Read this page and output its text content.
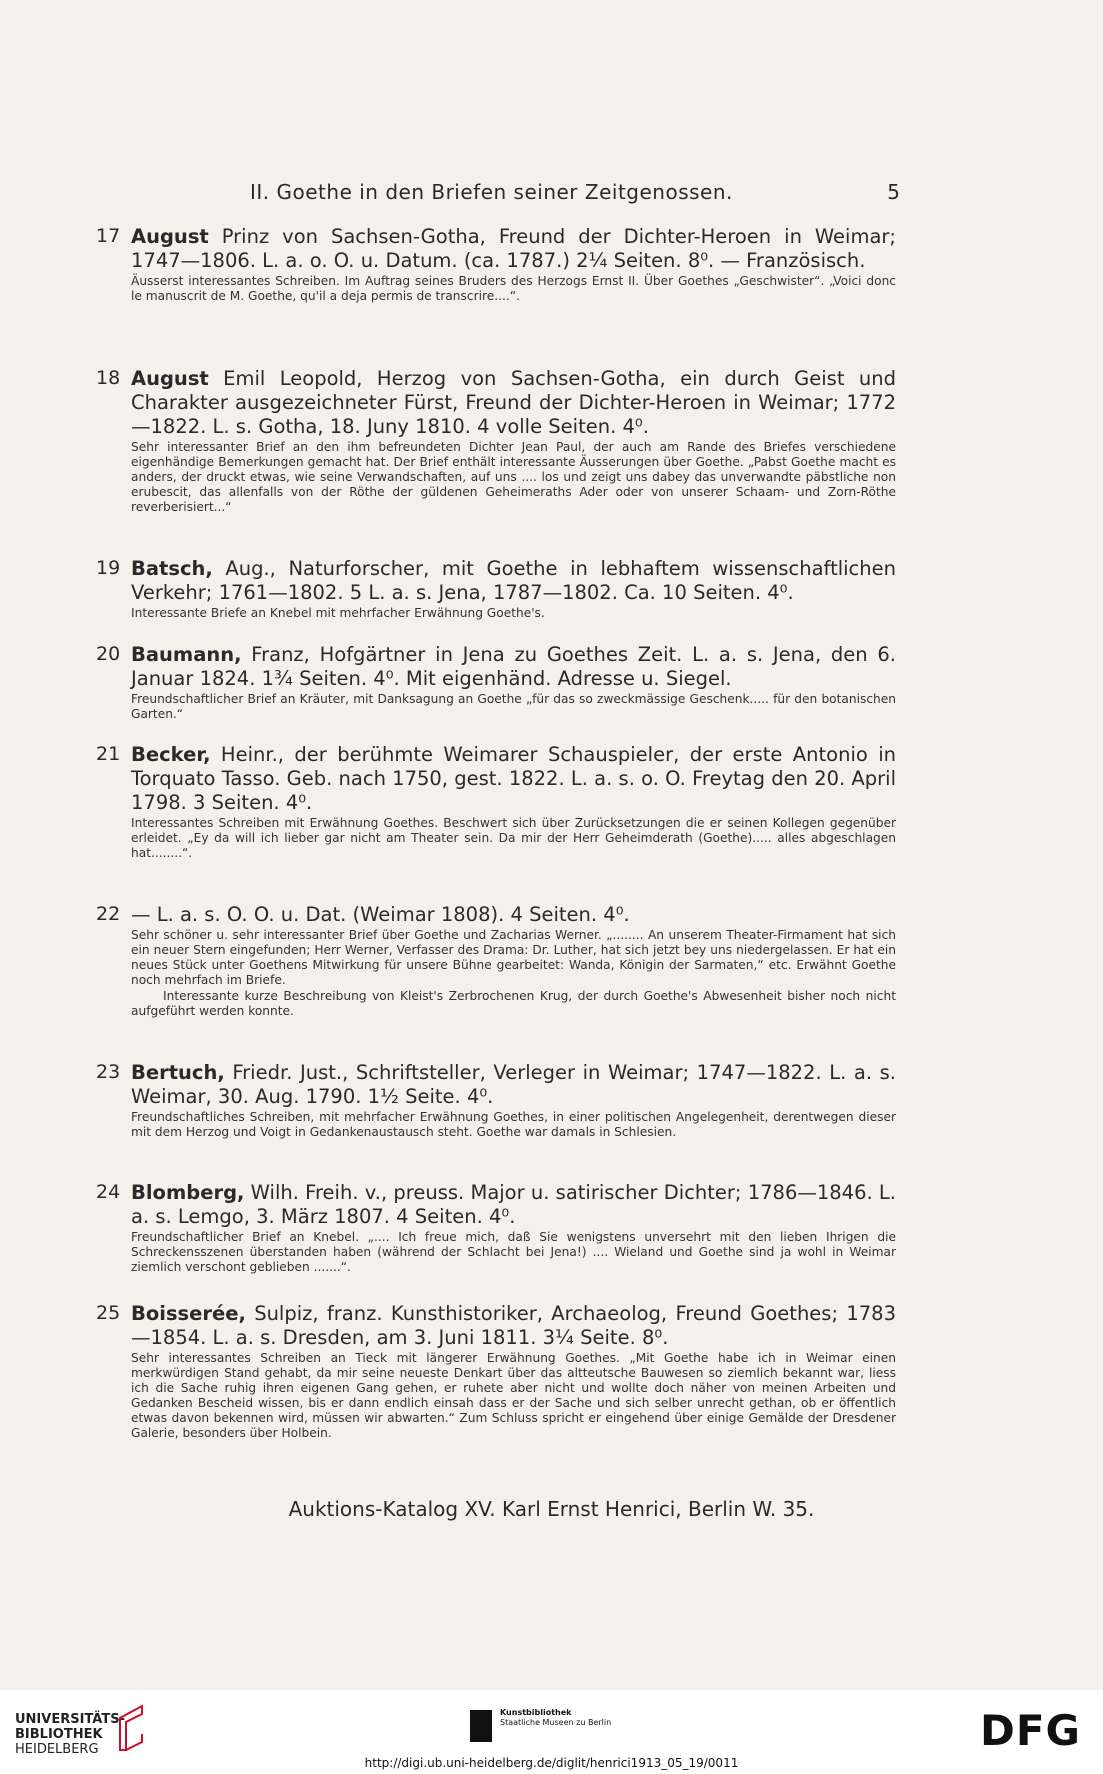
II. Goethe in den Briefen seiner Zeitgenossen.	5
17 August Prinz von Sachsen-Gotha, Freund der Dichter-Heroen in Weimar; 1747—1806. L. a. o. O. u. Datum. (ca. 1787.) 2¼ Seiten. 8⁰. — Französisch.
Äusserst interessantes Schreiben. Im Auftrag seines Bruders des Herzogs Ernst II. Über Goethes „Geschwister“. „Voici donc le manuscrit de M. Goethe, qu'il a deja permis de transcrire....“.
18 August Emil Leopold, Herzog von Sachsen-Gotha, ein durch Geist und Charakter ausgezeichneter Fürst, Freund der Dichter-Heroen in Weimar; 1772—1822. L. s. Gotha, 18. Juny 1810. 4 volle Seiten. 4⁰.
Sehr interessanter Brief an den ihm befreundeten Dichter Jean Paul, der auch am Rande des Briefes verschiedene eigenhändige Bemerkungen gemacht hat. Der Brief enthält interessante Äusserungen über Goethe. „Pabst Goethe macht es anders, der druckt etwas, wie seine Verwandschaften, auf uns .... los und zeigt uns dabey das unverwandte päbstliche non erubescit, das allenfalls von der Röthe der güldenen Geheimeraths Ader oder von unserer Schaam- und Zorn-Röthe reverberisiert...“
19 Batsch, Aug., Naturforscher, mit Goethe in lebhaftem wissenschaftlichen Verkehr; 1761—1802. 5 L. a. s. Jena, 1787—1802. Ca. 10 Seiten. 4⁰.
Interessante Briefe an Knebel mit mehrfacher Erwähnung Goethe's.
20 Baumann, Franz, Hofgärtner in Jena zu Goethes Zeit. L. a. s. Jena, den 6. Januar 1824. 1¾ Seiten. 4⁰. Mit eigenhänd. Adresse u. Siegel.
Freundschaftlicher Brief an Kräuter, mit Danksagung an Goethe „für das so zweckmässige Geschenk..... für den botanischen Garten.“
21 Becker, Heinr., der berühmte Weimarer Schauspieler, der erste Antonio in Torquato Tasso. Geb. nach 1750, gest. 1822. L. a. s. o. O. Freytag den 20. April 1798. 3 Seiten. 4⁰.
Interessantes Schreiben mit Erwähnung Goethes. Beschwert sich über Zurücksetzungen die er seinen Kollegen gegenüber erleidet. „Ey da will ich lieber gar nicht am Theater sein. Da mir der Herr Geheimderath (Goethe)..... alles abgeschlagen hat........“.
22 — L. a. s. O. O. u. Dat. (Weimar 1808). 4 Seiten. 4⁰.
Sehr schöner u. sehr interessanter Brief über Goethe und Zacharias Werner. „........ An unserem Theater-Firmament hat sich ein neuer Stern eingefunden; Herr Werner, Verfasser des Drama: Dr. Luther, hat sich jetzt bey uns niedergelassen. Er hat ein neues Stück unter Goethens Mitwirkung für unsere Bühne gearbeitet: Wanda, Königin der Sarmaten,“ etc. Erwähnt Goethe noch mehrfach im Briefe.
Interessante kurze Beschreibung von Kleist's Zerbrochenen Krug, der durch Goethe's Abwesenheit bisher noch nicht aufgeführt werden konnte.
23 Bertuch, Friedr. Just., Schriftsteller, Verleger in Weimar; 1747—1822. L. a. s. Weimar, 30. Aug. 1790. 1½ Seite. 4⁰.
Freundschaftliches Schreiben, mit mehrfacher Erwähnung Goethes, in einer politischen Angelegenheit, derentwegen dieser mit dem Herzog und Voigt in Gedankenaustausch steht. Goethe war damals in Schlesien.
24 Blomberg, Wilh. Freih. v., preuss. Major u. satirischer Dichter; 1786—1846. L. a. s. Lemgo, 3. März 1807. 4 Seiten. 4⁰.
Freundschaftlicher Brief an Knebel. „.... Ich freue mich, daß Sie wenigstens unversehrt mit den lieben Ihrigen die Schreckensszenen überstanden haben (während der Schlacht bei Jena!) .... Wieland und Goethe sind ja wohl in Weimar ziemlich verschont geblieben .......“.
25 Boisserée, Sulpiz, franz. Kunsthistoriker, Archaeolog, Freund Goethes; 1783—1854. L. a. s. Dresden, am 3. Juni 1811. 3¼ Seite. 8⁰.
Sehr interessantes Schreiben an Tieck mit längerer Erwähnung Goethes. „Mit Goethe habe ich in Weimar einen merkwürdigen Stand gehabt, da mir seine neueste Denkart über das altteutsche Bauwesen so ziemlich bekannt war, liess ich die Sache ruhig ihren eigenen Gang gehen, er ruhete aber nicht und wollte doch näher von meinen Arbeiten und Gedanken Bescheid wissen, bis er dann endlich einsah dass er der Sache und sich selber unrecht gethan, ob er öffentlich etwas davon bekennen wird, müssen wir abwarten.“ Zum Schluss spricht er eingehend über einige Gemälde der Dresdener Galerie, besonders über Holbein.
Auktions-Katalog XV. Karl Ernst Henrici, Berlin W. 35.
UNIVERSITÄTS-
BIBLIOTHEK
HEIDELBERG
Kunstbibliothek
Staatliche Museen zu Berlin	DFG
http://digi.ub.uni-heidelberg.de/diglit/henrici1913_05_19/0011
